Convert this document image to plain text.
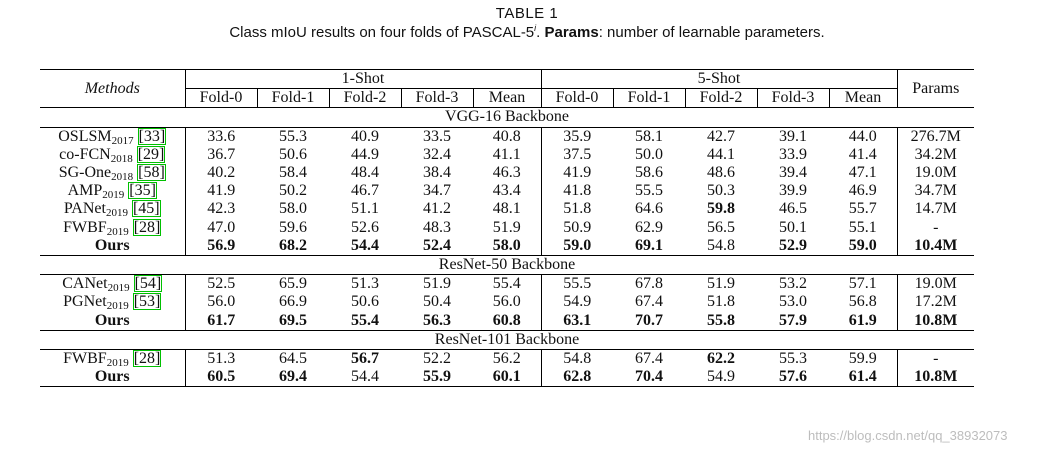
TABLE 1
Class mIoU results on four folds of PASCAL-5$^i$. Params: number of learnable parameters.
Methods	1-Shot					5-Shot					Params
	Fold-0	Fold-1	Fold-2	Fold-3	Mean	Fold-0	Fold-1	Fold-2	Fold-3	Mean	
VGG-16 Backbone											
$OSLSM_{2017}$ [33]	33.6	55.3	40.9	33.5	40.8	35.9	58.1	42.7	39.1	44.0	276.7M
$co-FCN_{2018}$ [29]	36.7	50.6	44.9	32.4	41.1	37.5	50.0	44.1	33.9	41.4	34.2M
SG-One$_{2018}$ [58]	40.2	58.4	48.4	38.4	46.3	41.9	58.6	48.6	39.4	47.1	19.0M
$AMP_{2019}$ [35]	41.9	50.2	46.7	34.7	43.4	41.8	55.5	50.3	39.9	46.9	34.7M
PANet$_{2019}$ [45]	42.3	58.0	51.1	41.2	48.1	51.8	64.6	59.8	46.5	55.7	14.7M
$FWBF_{2019}$ [28]	47.0	59.6	52.6	48.3	51.9	50.9	62.9	56.5	50.1	55.1	-
Ours	56.9	68.2	54.4	52.4	58.0	59.0	69.1	54.8	52.9	59.0	10.4M
ResNet-50 Backbone											
CANet$_{2019}$ [54]	52.5	65.9	51.3	51.9	55.4	55.5	67.8	51.9	53.2	57.1	19.0M
PGNet$_{2019}$ [53]	56.0	66.9	50.6	50.4	56.0	54.9	67.4	51.8	53.0	56.8	17.2M
Ours	61.7	69.5	55.4	56.3	60.8	63.1	70.7	55.8	57.9	61.9	10.8M
ResNet-101 Backbone											
$FWBF_{2019}$ [28]	51.3	64.5	56.7	52.2	56.2	54.8	67.4	62.2	55.3	59.9	-
Ours	60.5	69.4	54.4	55.9	60.1	62.8	70.4	54.9	57.6	61.4	10.8M
https://blog.csdn.net/qq_38932073
